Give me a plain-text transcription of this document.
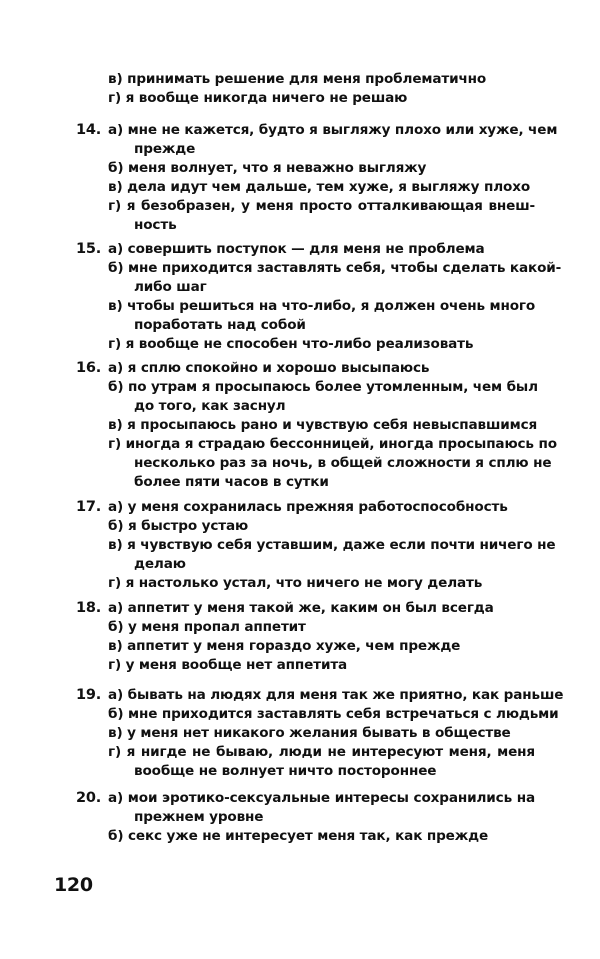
в) принимать решение для меня проблематично
г) я вообще никогда ничего не решаю
14. а) мне не кажется, будто я выгляжу плохо или хуже, чем
прежде
б) меня волнует, что я неважно выгляжу
в) дела идут чем дальше, тем хуже, я выгляжу плохо
г) я безобразен, у меня просто отталкивающая внеш-
ность
15. а) совершить поступок — для меня не проблема
б) мне приходится заставлять себя, чтобы сделать какой-
либо шаг
в) чтобы решиться на что-либо, я должен очень много
поработать над собой
г) я вообще не способен что-либо реализовать
16. а) я сплю спокойно и хорошо высыпаюсь
б) по утрам я просыпаюсь более утомленным, чем был
до того, как заснул
в) я просыпаюсь рано и чувствую себя невыспавшимся
г) иногда я страдаю бессонницей, иногда просыпаюсь по
несколько раз за ночь, в общей сложности я сплю не
более пяти часов в сутки
17. а) у меня сохранилась прежняя работоспособность
б) я быстро устаю
в) я чувствую себя уставшим, даже если почти ничего не
делаю
г) я настолько устал, что ничего не могу делать
18. а) аппетит у меня такой же, каким он был всегда
б) у меня пропал аппетит
в) аппетит у меня гораздо хуже, чем прежде
г) у меня вообще нет аппетита
19. а) бывать на людях для меня так же приятно, как раньше
б) мне приходится заставлять себя встречаться с людьми
в) у меня нет никакого желания бывать в обществе
г) я нигде не бываю, люди не интересуют меня, меня
вообще не волнует ничто постороннее
20. а) мои эротико-сексуальные интересы сохранились на
прежнем уровне
б) секс уже не интересует меня так, как прежде
120
